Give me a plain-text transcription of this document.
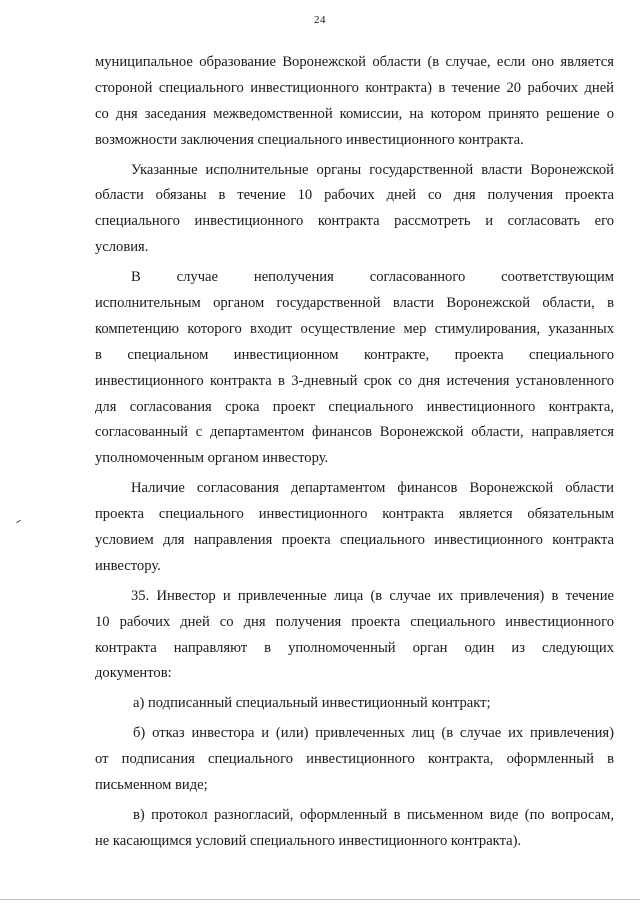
24
муниципальное образование Воронежской области (в случае, если оно является
стороной специального инвестиционного контракта) в течение 20 рабочих дней
со дня заседания межведомственной комиссии, на котором принято решение о
возможности заключения специального инвестиционного контракта.
Указанные исполнительные органы государственной власти Воронежской
области обязаны в течение 10 рабочих дней со дня получения проекта
специального инвестиционного контракта рассмотреть и согласовать его
условия.
В случае неполучения согласованного соответствующим
исполнительным органом государственной власти Воронежской области, в
компетенцию которого входит осуществление мер стимулирования, указанных
в специальном инвестиционном контракте, проекта специального
инвестиционного контракта в 3-дневный срок со дня истечения установленного
для согласования срока проект специального инвестиционного контракта,
согласованный с департаментом финансов Воронежской области, направляется
уполномоченным органом инвестору.
Наличие согласования департаментом финансов Воронежской области
проекта специального инвестиционного контракта является обязательным
условием для направления проекта специального инвестиционного контракта
инвестору.
35. Инвестор и привлеченные лица (в случае их привлечения) в течение
10 рабочих дней со дня получения проекта специального инвестиционного
контракта направляют в уполномоченный орган один из следующих
документов:
а) подписанный специальный инвестиционный контракт;
б) отказ инвестора и (или) привлеченных лиц (в случае их привлечения)
от подписания специального инвестиционного контракта, оформленный в
письменном виде;
в) протокол разногласий, оформленный в письменном виде (по вопросам,
не касающимся условий специального инвестиционного контракта).
